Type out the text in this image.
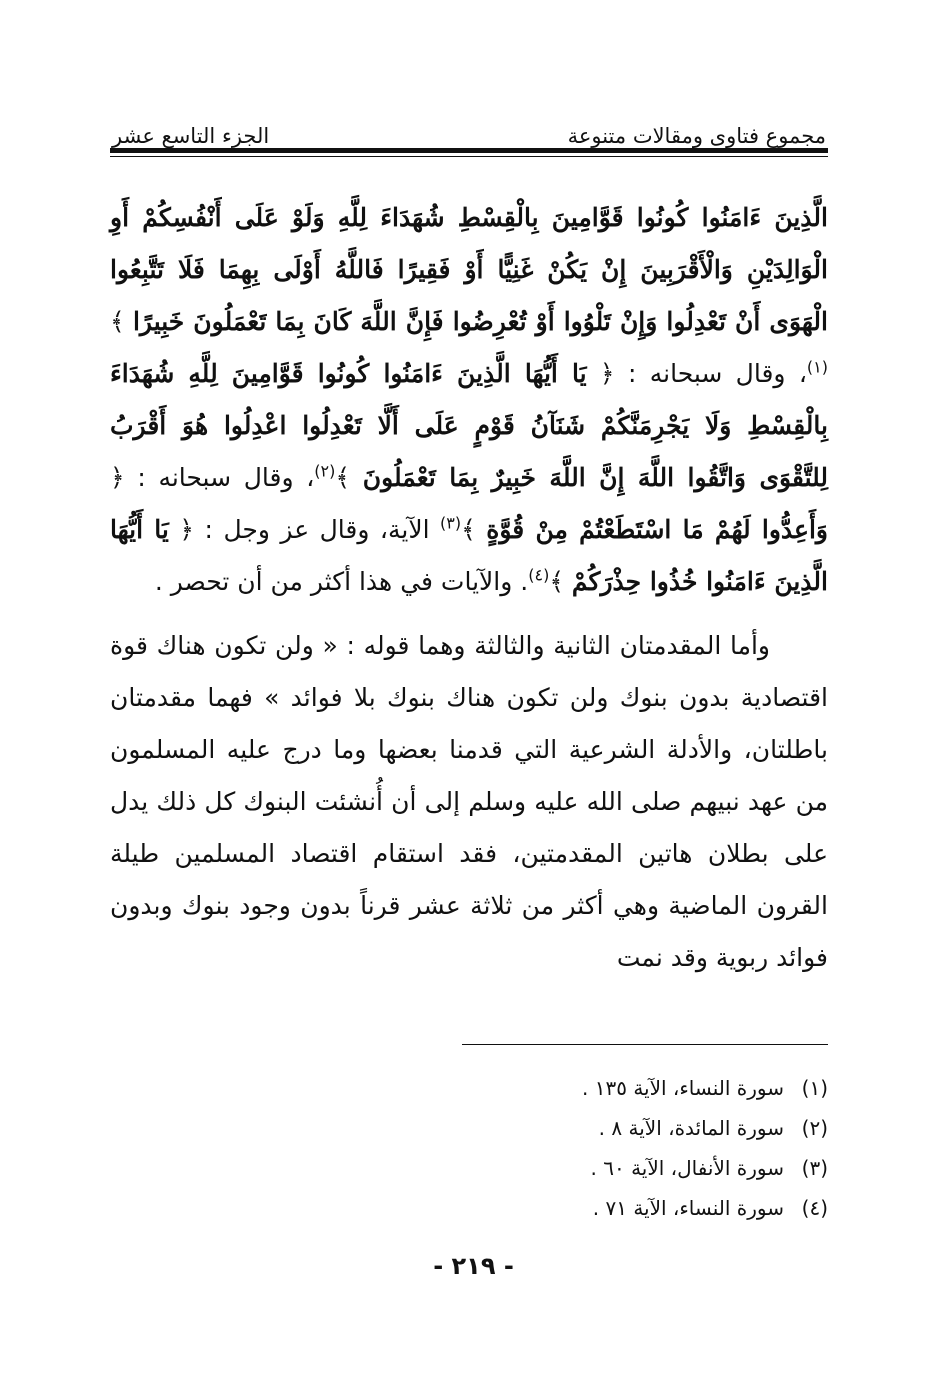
مجموع فتاوى ومقالات متنوعة
الجزء التاسع عشر

الَّذِينَ ءَامَنُوا كُونُوا قَوَّامِينَ بِالْقِسْطِ شُهَدَاءَ لِلَّهِ وَلَوْ عَلَى أَنْفُسِكُمْ أَوِ الْوَالِدَيْنِ وَالْأَقْرَبِينَ إِنْ يَكُنْ غَنِيًّا أَوْ فَقِيرًا فَاللَّهُ أَوْلَى بِهِمَا فَلَا تَتَّبِعُوا الْهَوَى أَنْ تَعْدِلُوا وَإِنْ تَلْوُوا أَوْ تُعْرِضُوا فَإِنَّ اللَّهَ كَانَ بِمَا تَعْمَلُونَ خَبِيرًا ﴾$^{(١)}$، وقال سبحانه : ﴿ يَا أَيُّهَا الَّذِينَ ءَامَنُوا كُونُوا قَوَّامِينَ لِلَّهِ شُهَدَاءَ بِالْقِسْطِ وَلَا يَجْرِمَنَّكُمْ شَنَآنُ قَوْمٍ عَلَى أَلَّا تَعْدِلُوا اعْدِلُوا هُوَ أَقْرَبُ لِلتَّقْوَى وَاتَّقُوا اللَّهَ إِنَّ اللَّهَ خَبِيرٌ بِمَا تَعْمَلُونَ ﴾$^{(٢)}$، وقال سبحانه : ﴿ وَأَعِدُّوا لَهُمْ مَا اسْتَطَعْتُمْ مِنْ قُوَّةٍ ﴾$^{(٣)}$ الآية، وقال عز وجل : ﴿ يَا أَيُّهَا الَّذِينَ ءَامَنُوا خُذُوا حِذْرَكُمْ ﴾$^{(٤)}$. والآيات في هذا أكثر من أن تحصر .

وأما المقدمتان الثانية والثالثة وهما قوله : « ولن تكون هناك قوة اقتصادية بدون بنوك ولن تكون هناك بنوك بلا فوائد » فهما مقدمتان باطلتان، والأدلة الشرعية التي قدمنا بعضها وما درج عليه المسلمون من عهد نبيهم صلى الله عليه وسلم إلى أن أُنشئت البنوك كل ذلك يدل على بطلان هاتين المقدمتين، فقد استقام اقتصاد المسلمين طيلة القرون الماضية وهي أكثر من ثلاثة عشر قرناً بدون وجود بنوك وبدون فوائد ربوية وقد نمت

(١)سورة النساء، الآية ١٣٥ .
(٢)سورة المائدة، الآية ٨ .
(٣)سورة الأنفال، الآية ٦٠ .
(٤)سورة النساء، الآية ٧١ .
- ٢١٩ -
